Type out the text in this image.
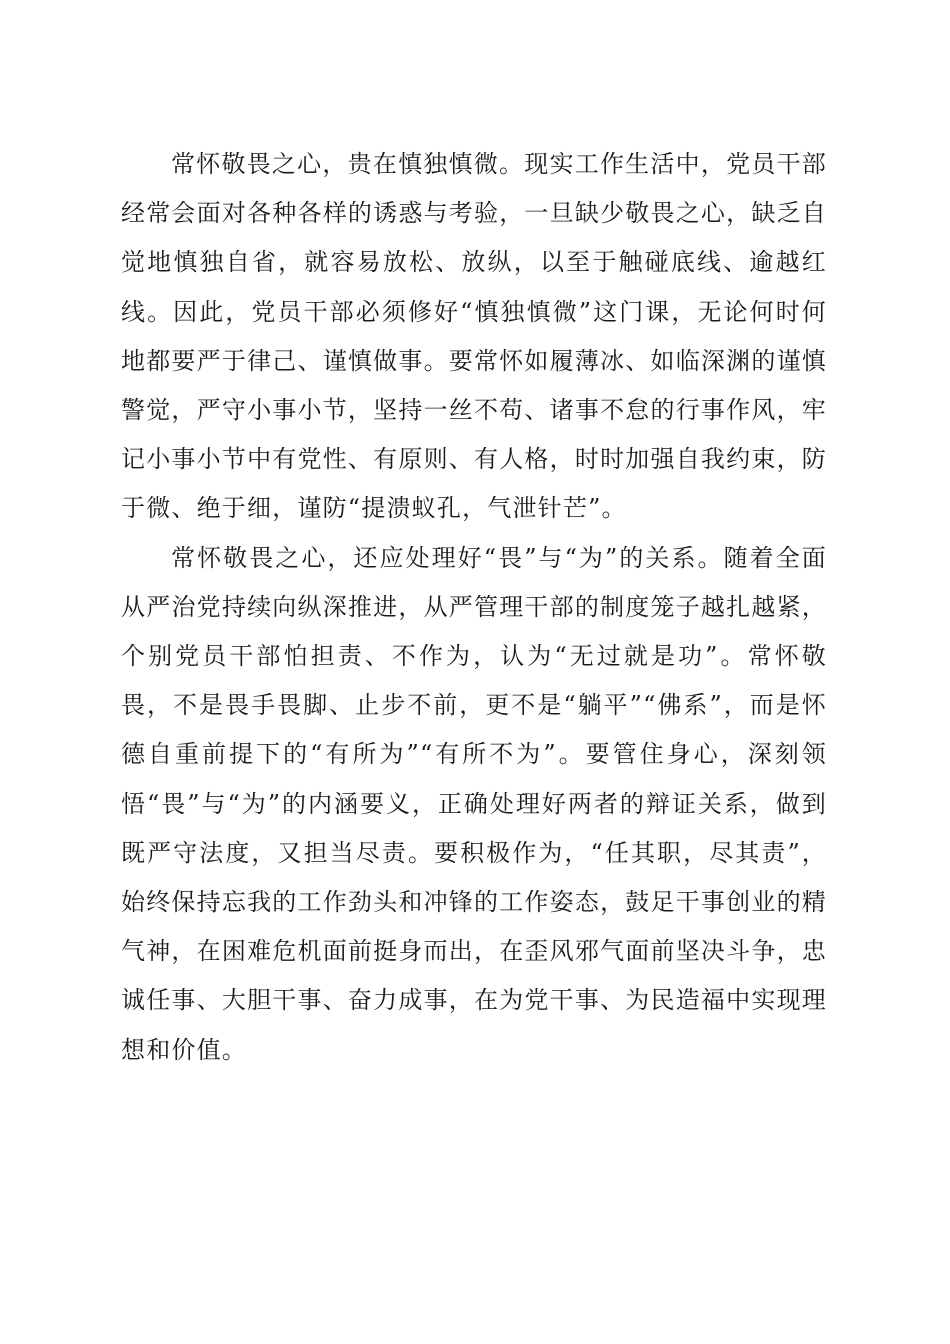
常怀敬畏之心，贵在慎独慎微。现实工作生活中，党员干部经常会面对各种各样的诱惑与考验，一旦缺少敬畏之心，缺乏自觉地慎独自省，就容易放松、放纵，以至于触碰底线、逾越红线。因此，党员干部必须修好“慎独慎微”这门课，无论何时何地都要严于律己、谨慎做事。要常怀如履薄冰、如临深渊的谨慎警觉，严守小事小节，坚持一丝不苟、诸事不怠的行事作风，牢记小事小节中有党性、有原则、有人格，时时加强自我约束，防于微、绝于细，谨防“提溃蚁孔，气泄针芒”。

常怀敬畏之心，还应处理好“畏”与“为”的关系。随着全面从严治党持续向纵深推进，从严管理干部的制度笼子越扎越紧，个别党员干部怕担责、不作为，认为“无过就是功”。常怀敬畏，不是畏手畏脚、止步不前，更不是“躺平”“佛系”，而是怀德自重前提下的“有所为”“有所不为”。要管住身心，深刻领悟“畏”与“为”的内涵要义，正确处理好两者的辩证关系，做到既严守法度，又担当尽责。要积极作为，“任其职，尽其责”，始终保持忘我的工作劲头和冲锋的工作姿态，鼓足干事创业的精气神，在困难危机面前挺身而出，在歪风邪气面前坚决斗争，忠诚任事、大胆干事、奋力成事，在为党干事、为民造福中实现理想和价值。
